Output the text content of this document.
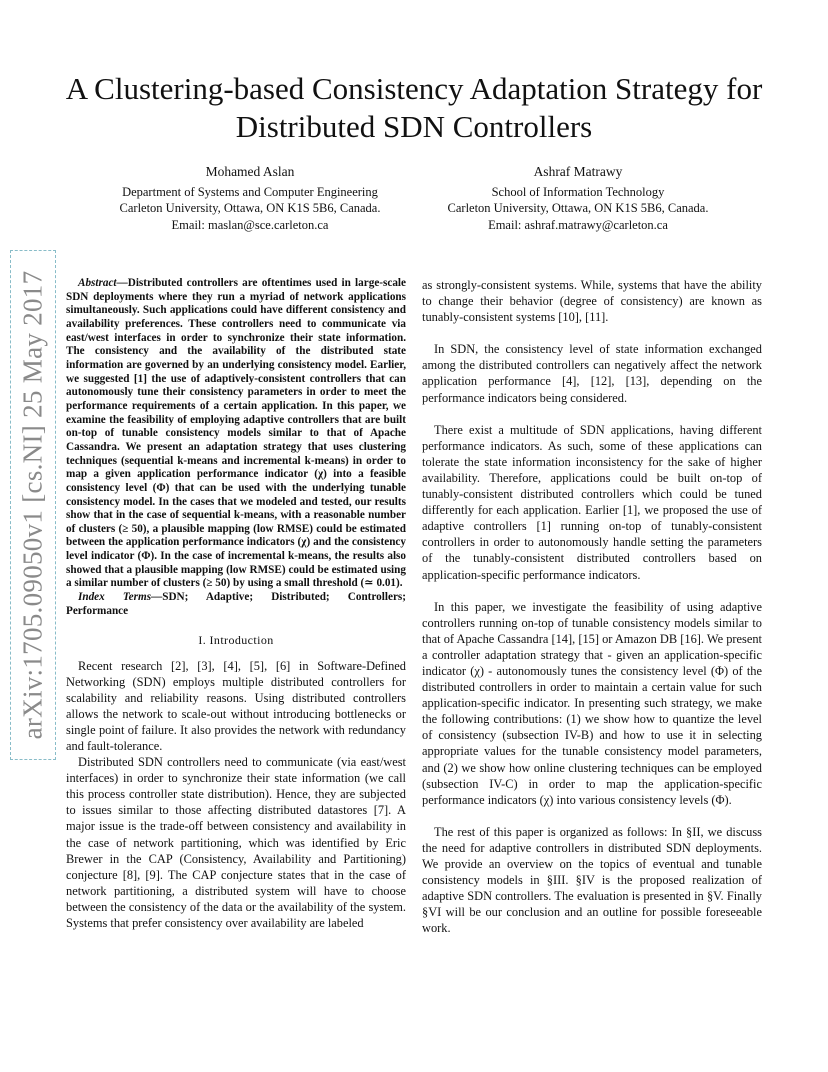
A Clustering-based Consistency Adaptation Strategy for Distributed SDN Controllers
Mohamed Aslan
Department of Systems and Computer Engineering
Carleton University, Ottawa, ON K1S 5B6, Canada.
Email: maslan@sce.carleton.ca
Ashraf Matrawy
School of Information Technology
Carleton University, Ottawa, ON K1S 5B6, Canada.
Email: ashraf.matrawy@carleton.ca
arXiv:1705.09050v1 [cs.NI] 25 May 2017	Abstract—Distributed controllers are oftentimes used in large-scale SDN deployments where they run a myriad of network applications simultaneously. Such applications could have different consistency and availability preferences. These controllers need to communicate via east/west interfaces in order to synchronize their state information. The consistency and the availability of the distributed state information are governed by an underlying consistency model. Earlier, we suggested [1] the use of adaptively-consistent controllers that can autonomously tune their consistency parameters in order to meet the performance requirements of a certain application. In this paper, we examine the feasibility of employing adaptive controllers that are built on-top of tunable consistency models similar to that of Apache Cassandra. We present an adaptation strategy that uses clustering techniques (sequential k-means and incremental k-means) in order to map a given application performance indicator (χ) into a feasible consistency level (Φ) that can be used with the underlying tunable consistency model. In the cases that we modeled and tested, our results show that in the case of sequential k-means, with a reasonable number of clusters (≥ 50), a plausible mapping (low RMSE) could be estimated between the application performance indicators (χ) and the consistency level indicator (Φ). In the case of incremental k-means, the results also showed that a plausible mapping (low RMSE) could be estimated using a similar number of clusters (≥ 50) by using a small threshold (≃ 0.01).

Index Terms—SDN; Adaptive; Distributed; Controllers; Performance

I. Introduction

Recent research [2], [3], [4], [5], [6] in Software-Defined Networking (SDN) employs multiple distributed controllers for scalability and reliability reasons. Using distributed controllers allows the network to scale-out without introducing bottlenecks or single point of failure. It also provides the network with redundancy and fault-tolerance.

Distributed SDN controllers need to communicate (via east/west interfaces) in order to synchronize their state information (we call this process controller state distribution). Hence, they are subjected to issues similar to those affecting distributed datastores [7]. A major issue is the trade-off between consistency and availability in the case of network partitioning, which was identified by Eric Brewer in the CAP (Consistency, Availability and Partitioning) conjecture [8], [9]. The CAP conjecture states that in the case of network partitioning, a distributed system will have to choose between the consistency of the data or the availability of the system. Systems that prefer consistency over availability are labeled

as strongly-consistent systems. While, systems that have the ability to change their behavior (degree of consistency) are known as tunably-consistent systems [10], [11].

In SDN, the consistency level of state information exchanged among the distributed controllers can negatively affect the network application performance [4], [12], [13], depending on the performance indicators being considered.

There exist a multitude of SDN applications, having different performance indicators. As such, some of these applications can tolerate the state information inconsistency for the sake of higher availability. Therefore, applications could be built on-top of tunably-consistent distributed controllers which could be tuned differently for each application. Earlier [1], we proposed the use of adaptive controllers [1] running on-top of tunably-consistent controllers in order to autonomously handle setting the parameters of the tunably-consistent distributed controllers based on application-specific performance indicators.

In this paper, we investigate the feasibility of using adaptive controllers running on-top of tunable consistency models similar to that of Apache Cassandra [14], [15] or Amazon DB [16]. We present a controller adaptation strategy that - given an application-specific indicator (χ) - autonomously tunes the consistency level (Φ) of the distributed controllers in order to maintain a certain value for such application-specific indicator. In presenting such strategy, we make the following contributions: (1) we show how to quantize the level of consistency (subsection IV-B) and how to use it in selecting appropriate values for the tunable consistency model parameters, and (2) we show how online clustering techniques can be employed (subsection IV-C) in order to map the application-specific performance indicators (χ) into various consistency levels (Φ).

The rest of this paper is organized as follows: In §II, we discuss the need for adaptive controllers in distributed SDN deployments. We provide an overview on the topics of eventual and tunable consistency models in §III. §IV is the proposed realization of adaptive SDN controllers. The evaluation is presented in §V. Finally §VI will be our conclusion and an outline for possible foreseeable work.
